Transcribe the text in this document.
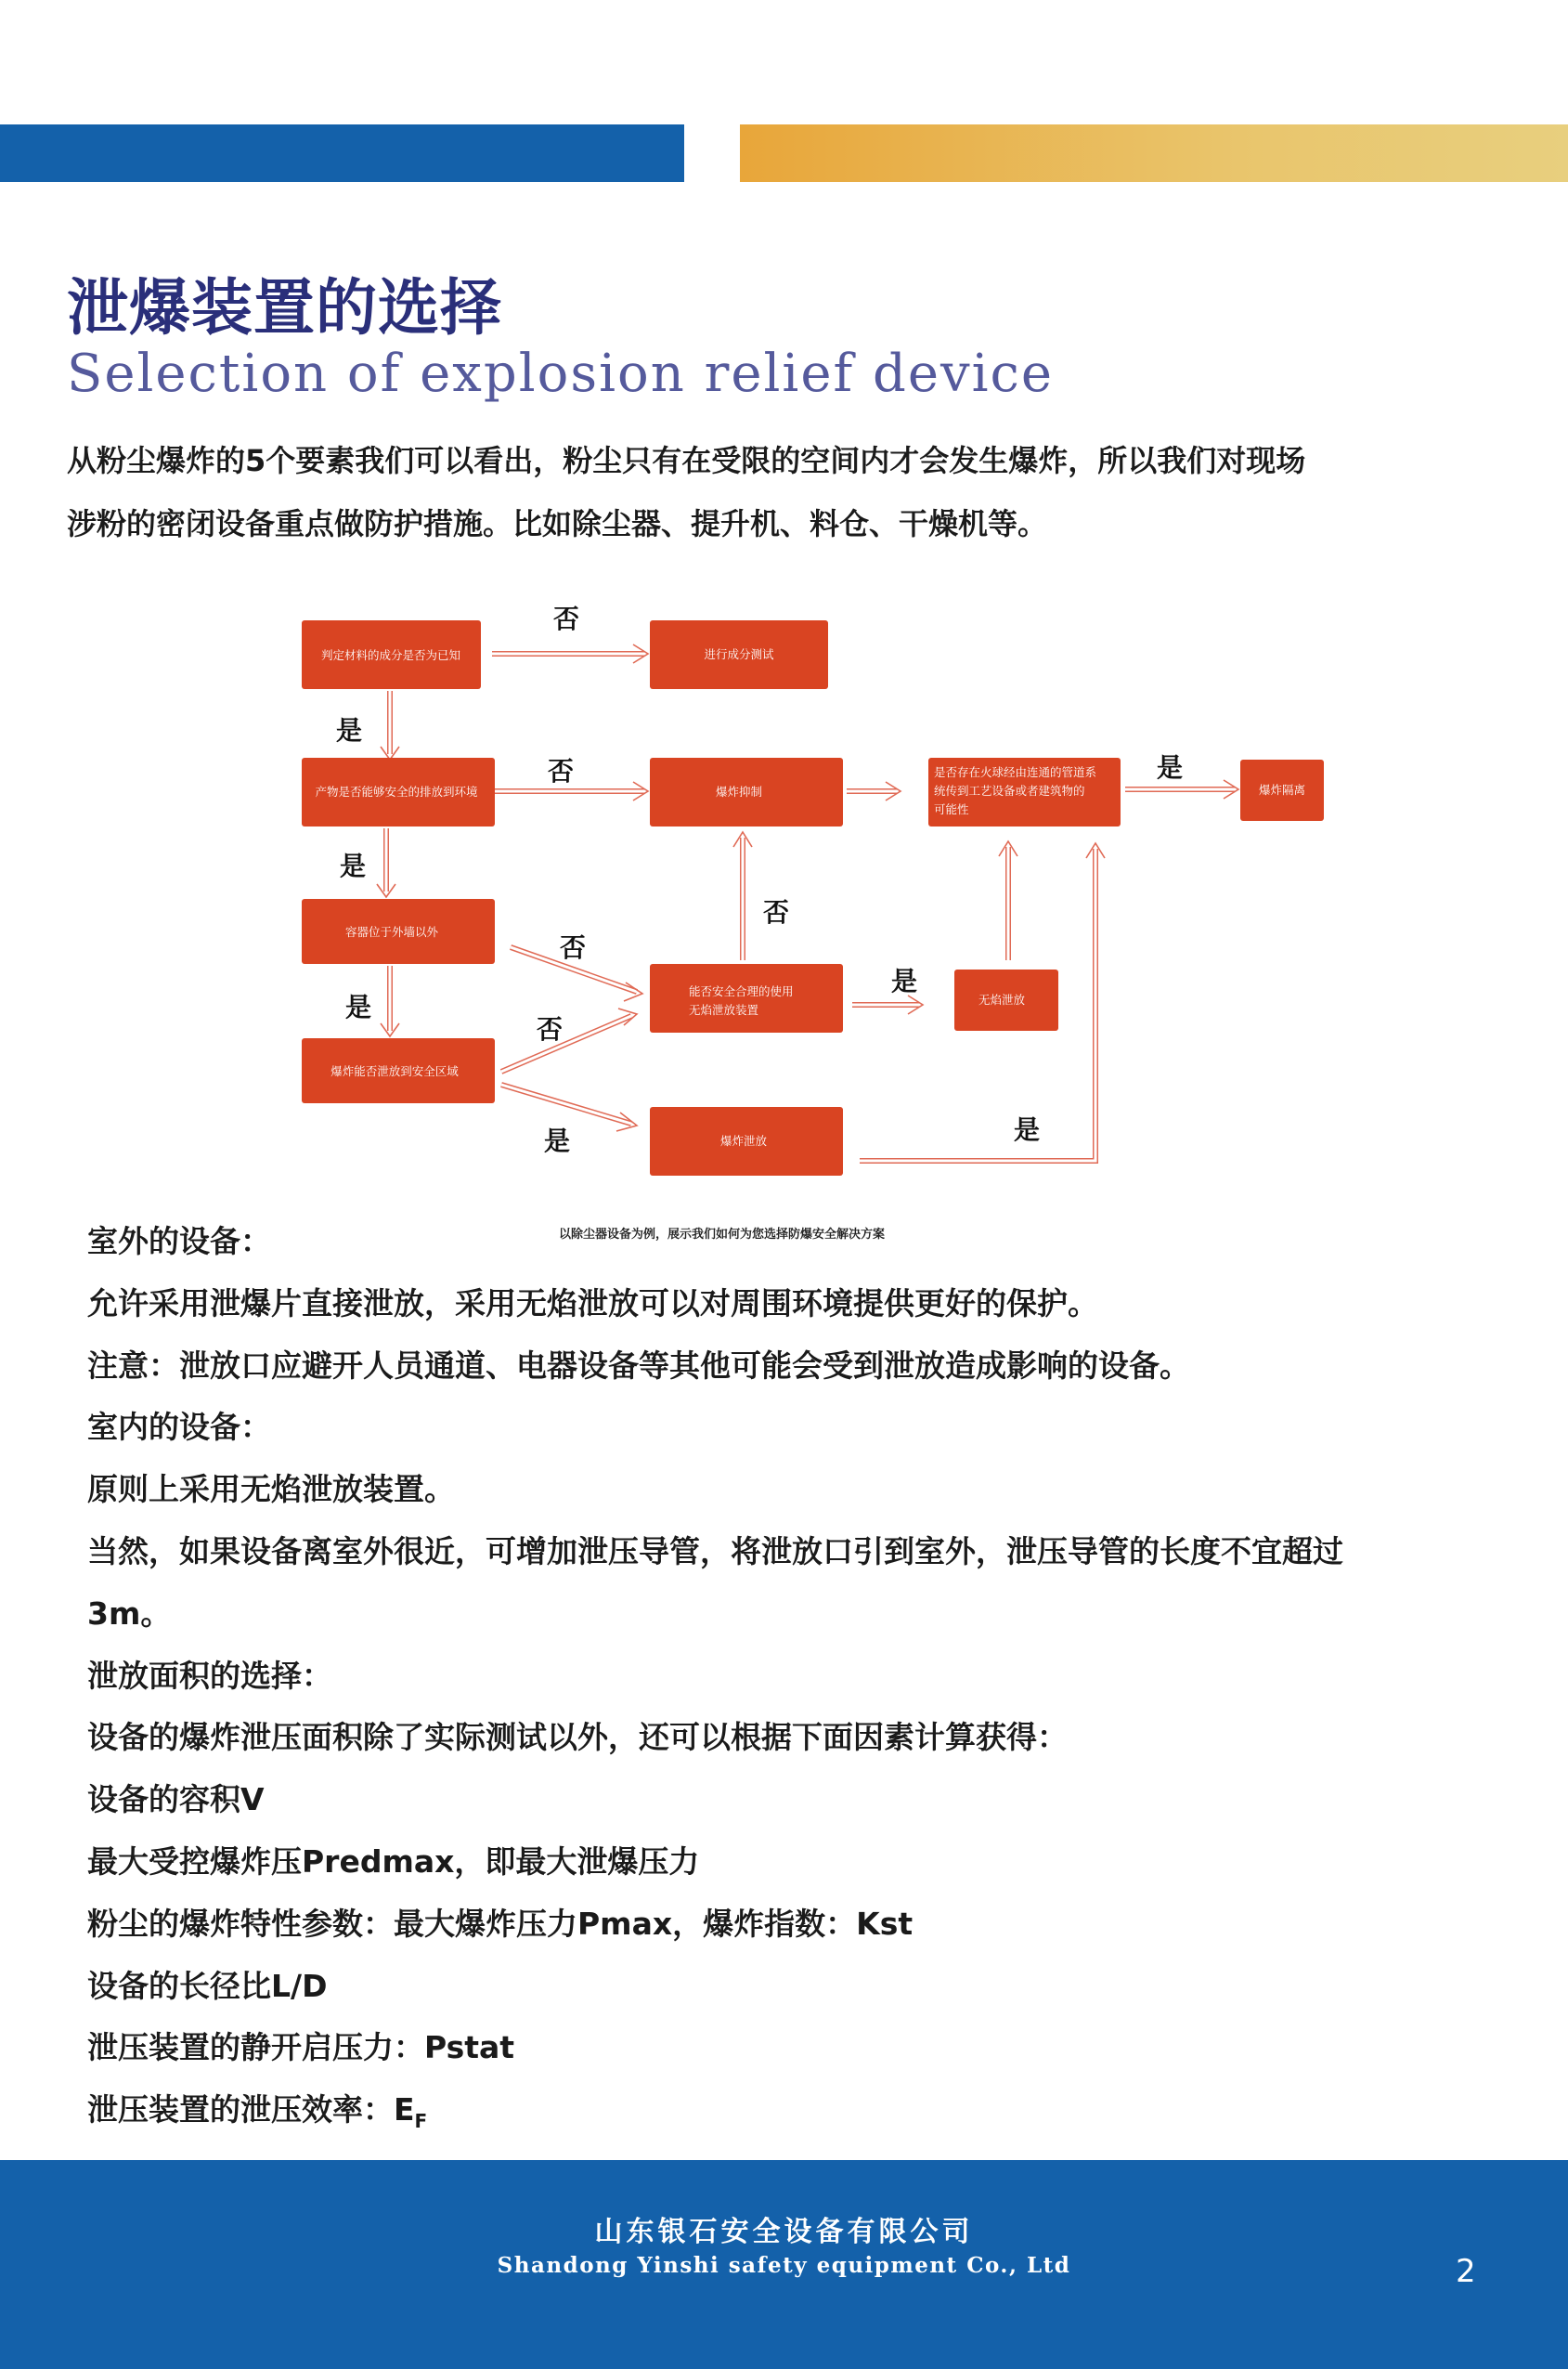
泄爆装置的选择
Selection of explosion relief device

从粉尘爆炸的5个要素我们可以看出，粉尘只有在受限的空间内才会发生爆炸，所以我们对现场

涉粉的密闭设备重点做防护措施。比如除尘器、提升机、料仓、干燥机等。

判定材料的成分是否为已知	进行成分测试
产物是否能够安全的排放到环境	爆炸抑制
是否存在火球经由连通的管道系
统传到工艺设备或者建筑物的
可能性
爆炸隔离
容器位于外墙以外
能否安全合理的使用
无焰泄放装置
无焰泄放
爆炸能否泄放到安全区域
爆炸泄放
否
是
否	是
是
否
否
是
是
否
是	是
以除尘器设备为例，展示我们如何为您选择防爆安全解决方案

室外的设备：

允许采用泄爆片直接泄放，采用无焰泄放可以对周围环境提供更好的保护。

注意：泄放口应避开人员通道、电器设备等其他可能会受到泄放造成影响的设备。

室内的设备：

原则上采用无焰泄放装置。

当然，如果设备离室外很近，可增加泄压导管，将泄放口引到室外，泄压导管的长度不宜超过

3m。

泄放面积的选择：

设备的爆炸泄压面积除了实际测试以外，还可以根据下面因素计算获得：

设备的容积V

最大受控爆炸压Predmax，即最大泄爆压力

粉尘的爆炸特性参数：最大爆炸压力Pmax，爆炸指数：Kst

设备的长径比L/D

泄压装置的静开启压力：Pstat

泄压装置的泄压效率：$E_F$

山东银石安全设备有限公司
Shandong Yinshi safety equipment Co., Ltd	2
